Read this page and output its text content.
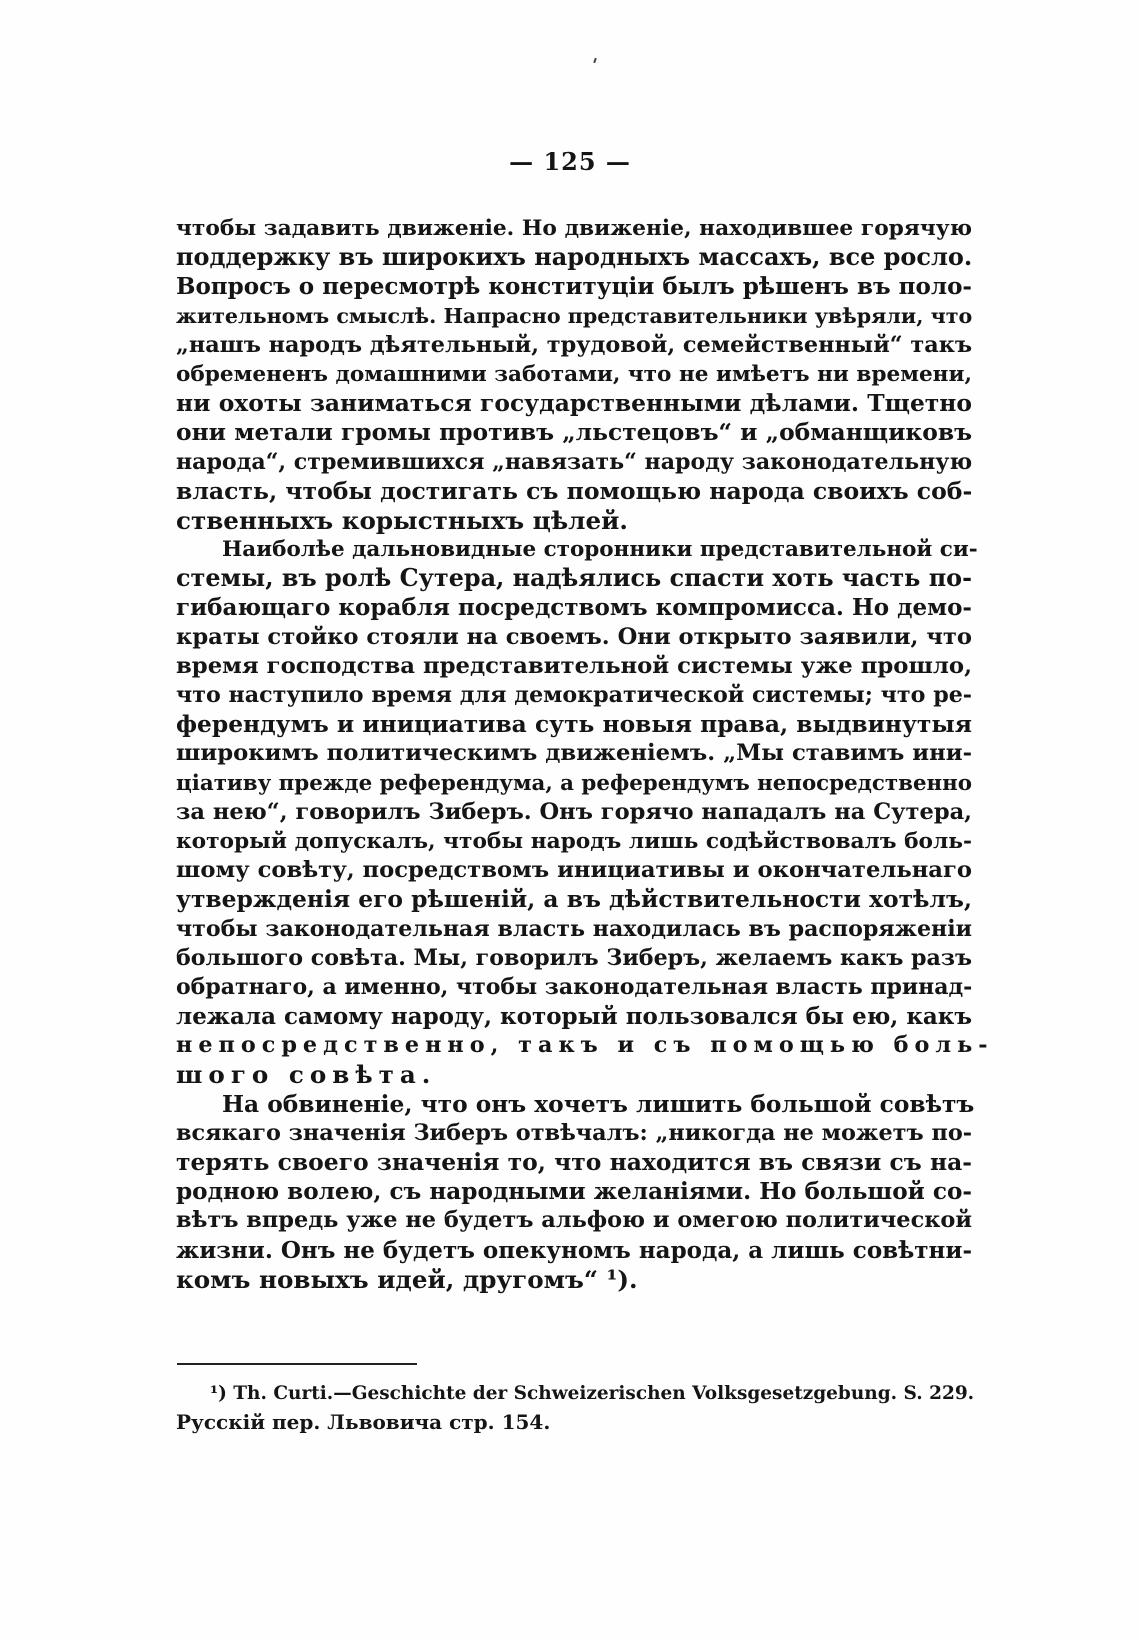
— 125 —
чтобы задавить движеніе. Но движеніе, находившее горячую
поддержку въ широкихъ народныхъ массахъ, все росло.
Вопросъ о пересмотрѣ конституціи былъ рѣшенъ въ поло-
жительномъ смыслѣ. Напрасно представительники увѣряли, что
„нашъ народъ дѣятельный, трудовой, семейственный“ такъ
обремененъ домашними заботами, что не имѣетъ ни времени,
ни охоты заниматься государственными дѣлами. Тщетно
они метали громы противъ „льстецовъ“ и „обманщиковъ
народа“, стремившихся „навязать“ народу законодательную
власть, чтобы достигать съ помощью народа своихъ соб-
ственныхъ корыстныхъ цѣлей.
Наиболѣе дальновидные сторонники представительной си-
стемы, въ ролѣ Сутера, надѣялись спасти хоть часть по-
гибающаго корабля посредствомъ компромисса. Но демо-
краты стойко стояли на своемъ. Они открыто заявили, что
время господства представительной системы уже прошло,
что наступило время для демократической системы; что ре-
ферендумъ и инициатива суть новыя права, выдвинутыя
широкимъ политическимъ движеніемъ. „Мы ставимъ ини-
ціативу прежде референдума, а референдумъ непосредственно
за нею“, говорилъ Зиберъ. Онъ горячо нападалъ на Сутера,
который допускалъ, чтобы народъ лишь содѣйствовалъ боль-
шому совѣту, посредствомъ инициативы и окончательнаго
утвержденія его рѣшеній, а въ дѣйствительности хотѣлъ,
чтобы законодательная власть находилась въ распоряженіи
большого совѣта. Мы, говорилъ Зиберъ, желаемъ какъ разъ
обратнаго, а именно, чтобы законодательная власть принад-
лежала самому народу, который пользовался бы ею, какъ
непосредственно, такъ и съ помощью боль-
шого совѣта.
На обвиненіе, что онъ хочетъ лишить большой совѣтъ
всякаго значенія Зиберъ отвѣчалъ: „никогда не можетъ по-
терять своего значенія то, что находится въ связи съ на-
родною волею, съ народными желаніями. Но большой со-
вѣтъ впредь уже не будетъ альфою и омегою политической
жизни. Онъ не будетъ опекуномъ народа, а лишь совѣтни-
комъ новыхъ идей, другомъ“ ¹).
¹) Th. Curti.—Geschichte der Schweizerischen Volksgesetzgebung. S. 229.
Русскій пер. Львовича стр. 154.
